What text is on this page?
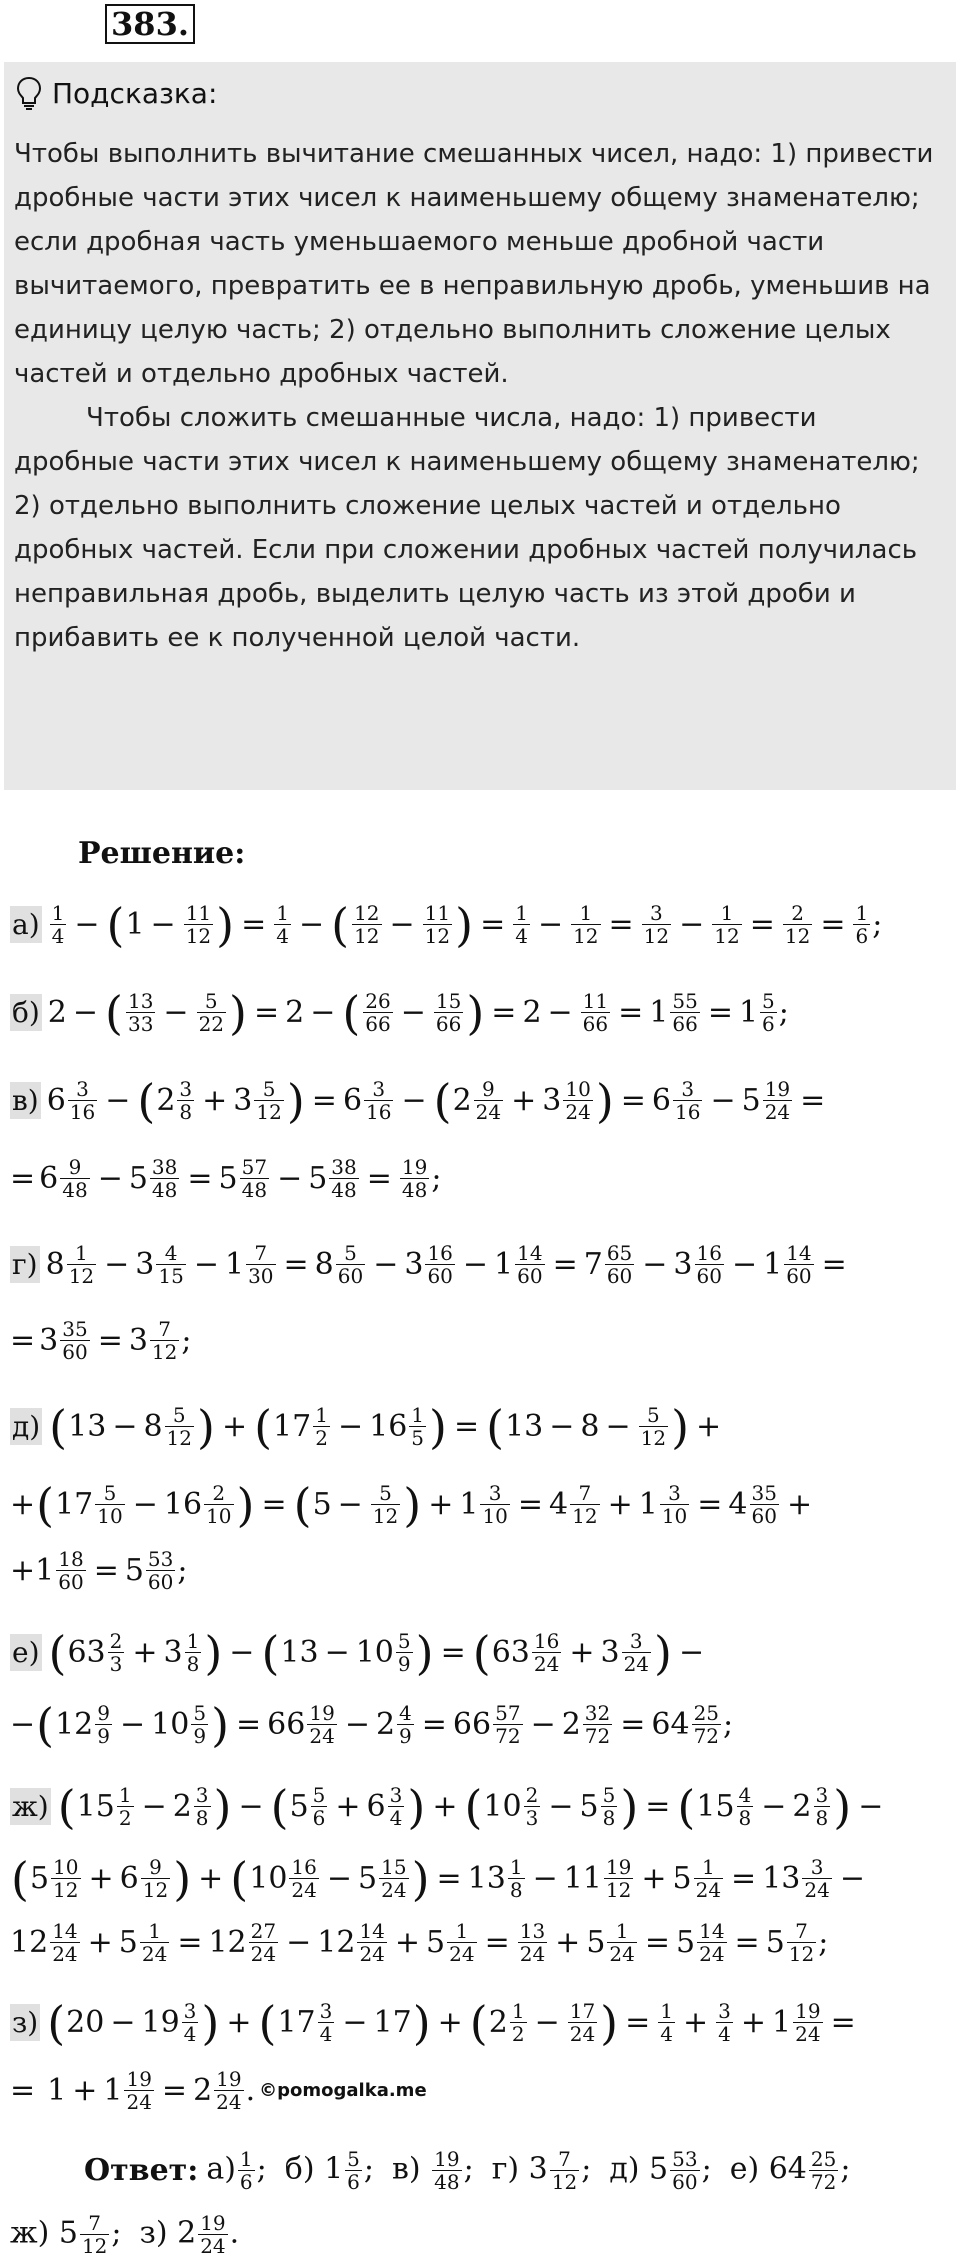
383.
Подсказка:

Чтобы выполнить вычитание смешанных чисел, надо: 1) привести дробные части этих чисел к наименьшему общему знаменателю; если дробная часть уменьшаемого меньше дробной части вычитаемого, превратить ее в неправильную дробь, уменьшив на единицу целую часть; 2) отдельно выполнить сложение целых частей и отдельно дробных частей.

Чтобы сложить смешанные числа, надо: 1) привести дробные части этих чисел к наименьшему общему знаменателю; 2) отдельно выполнить сложение целых частей и отдельно дробных частей. Если при сложении дробных частей получилась неправильная дробь, выделить целую часть из этой дроби и прибавить ее к полученной целой части.

Решение:
а) 1
4 − ( $1 - \frac{11}{12}$ ) = $\frac{1}{4}$ − ( 12
$12 - \frac{11}{12}$ ) = $\frac{1}{4} - \frac{1}{12} = \frac{3}{12} - \frac{1}{12} = \frac{2}{12} = \frac{1}{6}$ ;
б) 2 − ( 13
$33 - \frac{5}{22}$ ) = 2 − ( 26
$66 - \frac{15}{66}$ ) = $2 - \frac{11}{66} = 1 \frac{55}{66} = 1 \frac{5}{6}$ ;
в) 6 3
16 − ( 2 3
$8 + 3 \frac{5}{12}$ ) = $6 \frac{3}{16}$ − ( 2 9
$24 + 3 \frac{10}{24}$ ) = $6 \frac{3}{16} - 5 \frac{19}{24}$ =
= 6 9
$48 - 5 \frac{38}{48} = 5 \frac{57}{48} - 5 \frac{38}{48} = \frac{19}{48}$ ;
г) 8 1
$12 - 3 \frac{4}{15} - 1 \frac{7}{30} = 8 \frac{5}{60} - 3 \frac{16}{60} - 1 \frac{14}{60} = 7 \frac{65}{60} - 3 \frac{16}{60} - 1 \frac{14}{60}$ =
= $3 \frac{35}{60} = 3 \frac{7}{12}$ ;
д) ( $13 - 8 \frac{5}{12}$ ) + ( 17 1
$2 - 16 \frac{1}{5}$ ) = ( $13 - 8 - \frac{5}{12}$ ) +
+ ( 17 5
$10 - 16 \frac{2}{10}$ ) = ( $5 - \frac{5}{12}$ ) + $1 \frac{3}{10} = 4 \frac{7}{12} + 1 \frac{3}{10} = 4 \frac{35}{60}$ +
$+1 \frac{18}{60} = 5 \frac{53}{60}$ ;
е) ( 63 2
$3 + 3 \frac{1}{8}$ ) − ( $13 - 10 \frac{5}{9}$ ) = ( 63 16
$24 + 3 \frac{3}{24}$ ) −
− ( 12 9
$9 - 10 \frac{5}{9}$ ) = $66 \frac{19}{24} - 2 \frac{4}{9} = 66 \frac{57}{72} - 2 \frac{32}{72} = 64 \frac{25}{72}$ ;
ж) ( 15 1
$2 - 2 \frac{3}{8}$ ) − ( 5 5
$6 + 6 \frac{3}{4}$ ) + ( 10 2
$3 - 5 \frac{5}{8}$ ) = ( 15 4
$8 - 2 \frac{3}{8}$ ) −
( 5 10
$12 + 6 \frac{9}{12}$ ) + ( 10 16
$24 - 5 \frac{15}{24}$ ) = $13 \frac{1}{8} - 11 \frac{19}{12} + 5 \frac{1}{24} = 13 \frac{3}{24}$ −
12 14
$24 + 5 \frac{1}{24} = 12 \frac{27}{24} - 12 \frac{14}{24} + 5 \frac{1}{24} = \frac{13}{24} + 5 \frac{1}{24} = 5 \frac{14}{24} = 5 \frac{7}{12}$ ;
з) ( $20 - 19 \frac{3}{4}$ ) + ( 17 3
4 − 17 ) + ( 2 1
$2 - \frac{17}{24}$ ) = $\frac{1}{4} + \frac{3}{4} + 1 \frac{19}{24}$ =
= $1 + 1 \frac{19}{24} = 2 \frac{19}{24}$ . ©pomogalka.me
Ответ: $а) \frac{1}{6}$ ; б) $1 \frac{5}{6}$ ; $в) \frac{19}{48}$ ; г) $3 \frac{7}{12}$ ; д) $5 \frac{53}{60}$ ; е) $64 \frac{25}{72}$ ;
ж) $5 \frac{7}{12}$ ; з) $2 \frac{19}{24}$ .
